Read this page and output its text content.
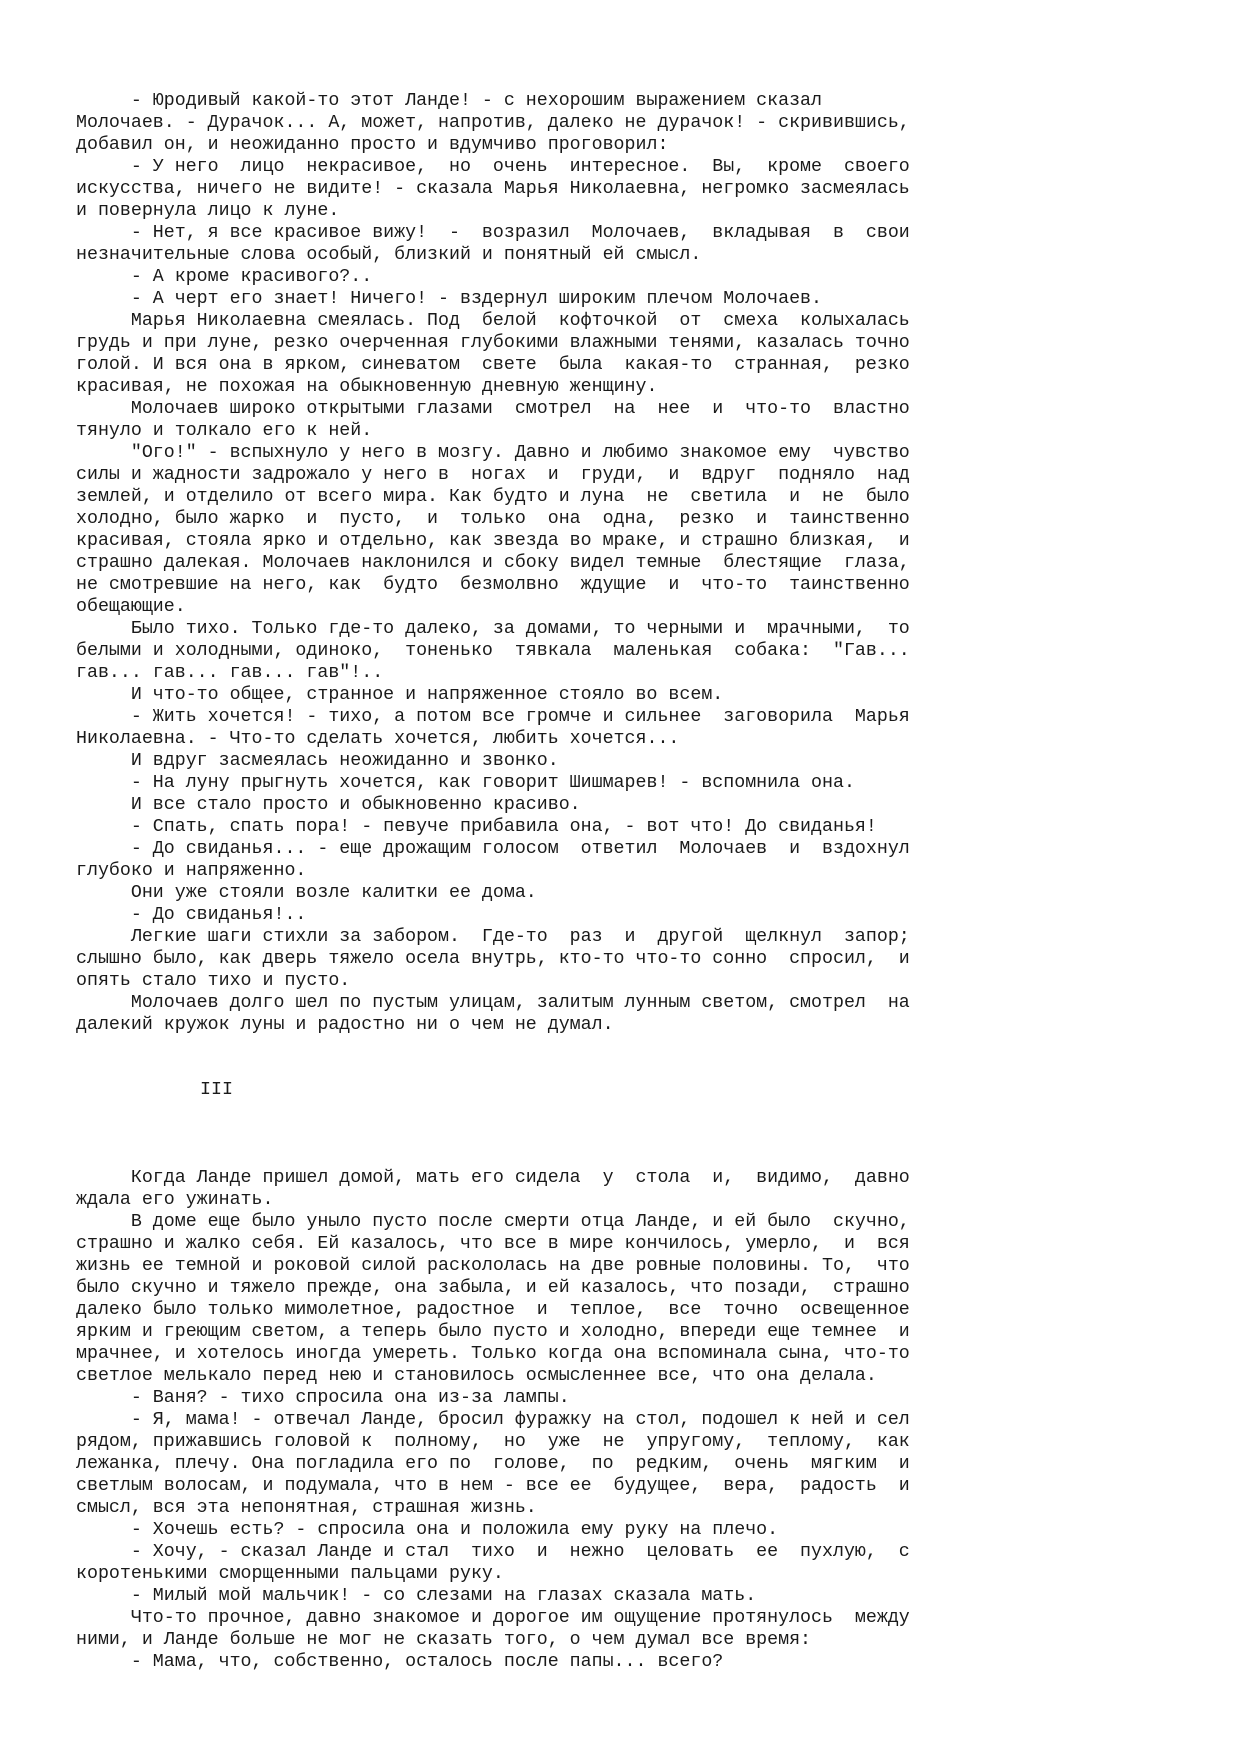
- Юродивый какой-то этот Ланде! - с нехорошим выражением сказал
Молочаев. - Дурачок... А, может, напротив, далеко не дурачок! - скривившись,
добавил он, и неожиданно просто и вдумчиво проговорил:
- У него  лицо  некрасивое,  но  очень  интересное.  Вы,  кроме  своего
искусства, ничего не видите! - сказала Марья Николаевна, негромко засмеялась
и повернула лицо к луне.
- Нет, я все красивое вижу!  -  возразил  Молочаев,  вкладывая  в  свои
незначительные слова особый, близкий и понятный ей смысл.
- А кроме красивого?..
- А черт его знает! Ничего! - вздернул широким плечом Молочаев.
Марья Николаевна смеялась. Под  белой  кофточкой  от  смеха  колыхалась
грудь и при луне, резко очерченная глубокими влажными тенями, казалась точно
голой. И вся она в ярком, синеватом  свете  была  какая-то  странная,  резко
красивая, не похожая на обыкновенную дневную женщину.
Молочаев широко открытыми глазами  смотрел  на  нее  и  что-то  властно
тянуло и толкало его к ней.
"Ого!" - вспыхнуло у него в мозгу. Давно и любимо знакомое ему  чувство
силы и жадности задрожало у него в  ногах  и  груди,  и  вдруг  подняло  над
землей, и отделило от всего мира. Как будто и луна  не  светила  и  не  было
холодно, было жарко  и  пусто,  и  только  она  одна,  резко  и  таинственно
красивая, стояла ярко и отдельно, как звезда во мраке, и страшно близкая,  и
страшно далекая. Молочаев наклонился и сбоку видел темные  блестящие  глаза,
не смотревшие на него, как  будто  безмолвно  ждущие  и  что-то  таинственно
обещающие.
Было тихо. Только где-то далеко, за домами, то черными и  мрачными,  то
белыми и холодными, одиноко,  тоненько  тявкала  маленькая  собака:  "Гав...
гав... гав... гав... гав"!..
И что-то общее, странное и напряженное стояло во всем.
- Жить хочется! - тихо, а потом все громче и сильнее  заговорила  Марья
Николаевна. - Что-то сделать хочется, любить хочется...
И вдруг засмеялась неожиданно и звонко.
- На луну прыгнуть хочется, как говорит Шишмарев! - вспомнила она.
И все стало просто и обыкновенно красиво.
- Спать, спать пора! - певуче прибавила она, - вот что! До свиданья!
- До свиданья... - еще дрожащим голосом  ответил  Молочаев  и  вздохнул
глубоко и напряженно.
Они уже стояли возле калитки ее дома.
- До свиданья!..
Легкие шаги стихли за забором.  Где-то  раз  и  другой  щелкнул  запор;
слышно было, как дверь тяжело осела внутрь, кто-то что-то сонно  спросил,  и
опять стало тихо и пусто.
Молочаев долго шел по пустым улицам, залитым лунным светом, смотрел  на
далекий кружок луны и радостно ни о чем не думал.
III
Когда Ланде пришел домой, мать его сидела  у  стола  и,  видимо,  давно
ждала его ужинать.
В доме еще было уныло пусто после смерти отца Ланде, и ей было  скучно,
страшно и жалко себя. Ей казалось, что все в мире кончилось, умерло,  и  вся
жизнь ее темной и роковой силой раскололась на две ровные половины. То,  что
было скучно и тяжело прежде, она забыла, и ей казалось, что позади,  страшно
далеко было только мимолетное, радостное  и  теплое,  все  точно  освещенное
ярким и греющим светом, а теперь было пусто и холодно, впереди еще темнее  и
мрачнее, и хотелось иногда умереть. Только когда она вспоминала сына, что-то
светлое мелькало перед нею и становилось осмысленнее все, что она делала.
- Ваня? - тихо спросила она из-за лампы.
- Я, мама! - отвечал Ланде, бросил фуражку на стол, подошел к ней и сел
рядом, прижавшись головой к  полному,  но  уже  не  упругому,  теплому,  как
лежанка, плечу. Она погладила его по  голове,  по  редким,  очень  мягким  и
светлым волосам, и подумала, что в нем - все ее  будущее,  вера,  радость  и
смысл, вся эта непонятная, страшная жизнь.
- Хочешь есть? - спросила она и положила ему руку на плечо.
- Хочу, - сказал Ланде и стал  тихо  и  нежно  целовать  ее  пухлую,  с
коротенькими сморщенными пальцами руку.
- Милый мой мальчик! - со слезами на глазах сказала мать.
Что-то прочное, давно знакомое и дорогое им ощущение протянулось  между
ними, и Ланде больше не мог не сказать того, о чем думал все время:
- Мама, что, собственно, осталось после папы... всего?
